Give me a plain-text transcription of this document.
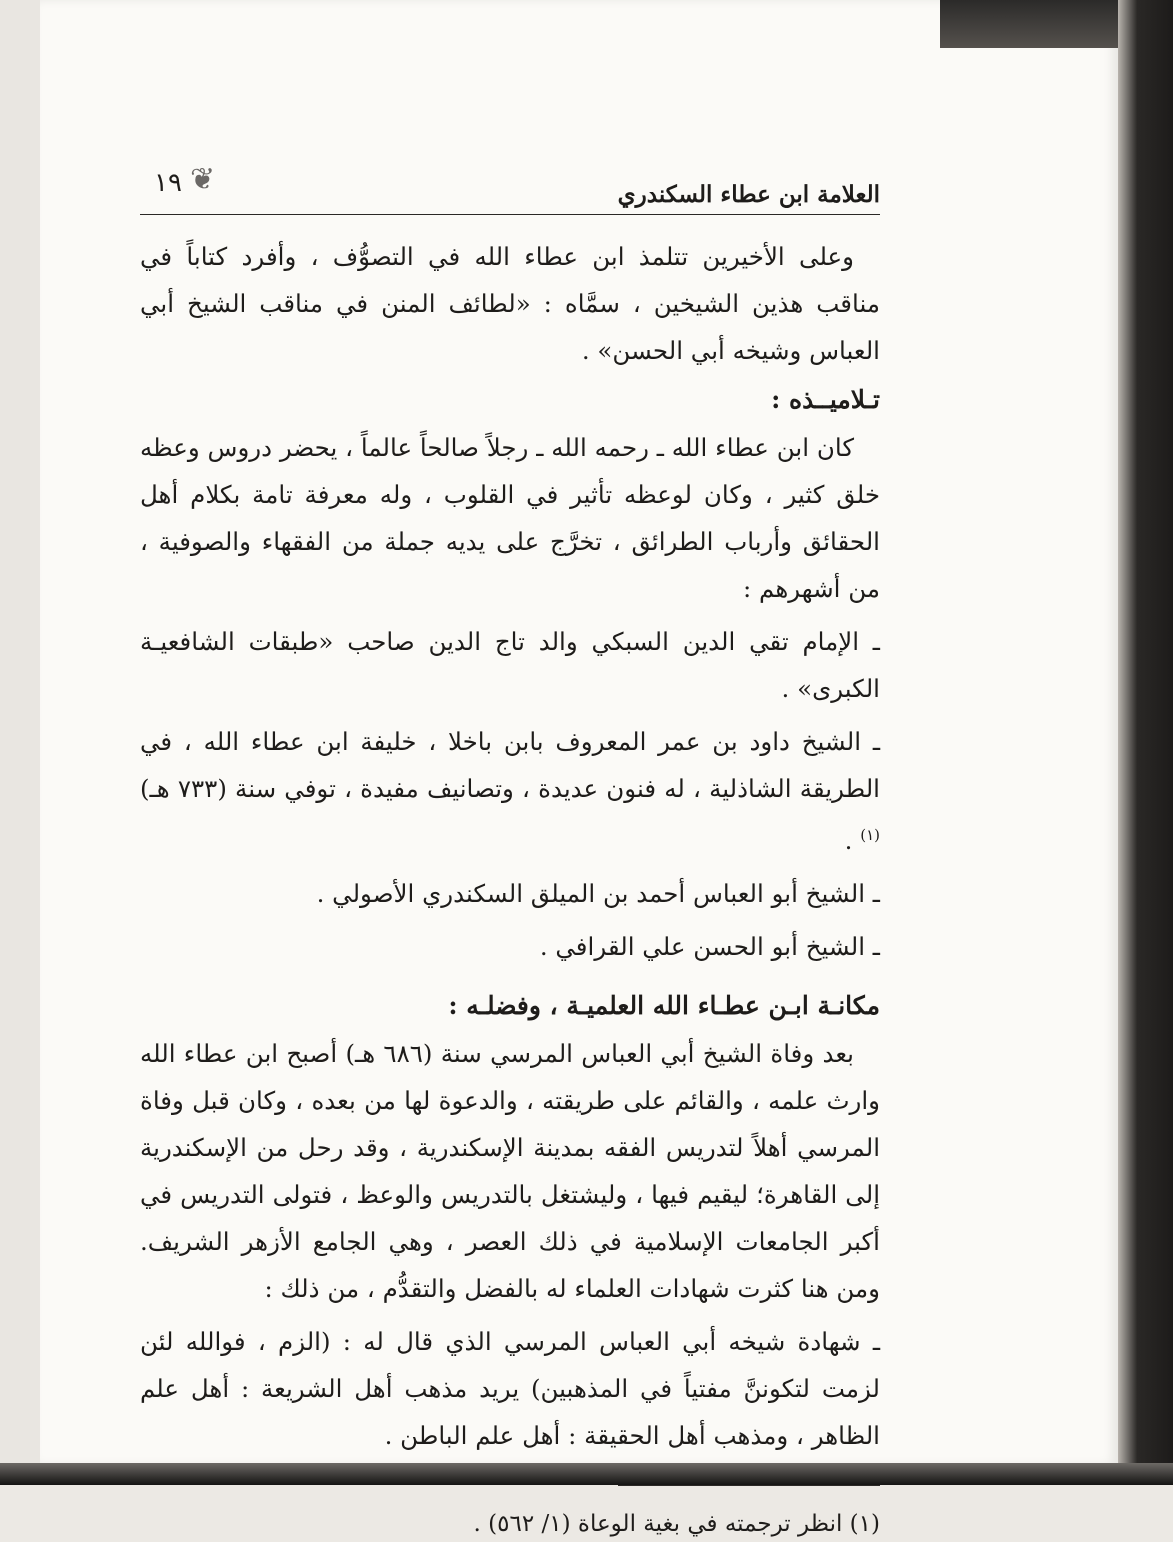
العلامة ابن عطاء السكندري
❦
١٩

وعلى الأخيرين تتلمذ ابن عطاء الله في التصوُّف ، وأفرد كتاباً في مناقب هذين الشيخين ، سمَّاه : «لطائف المنن في مناقب الشيخ أبي العباس وشيخه أبي الحسن» .

تـلاميــذه :

كان ابن عطاء الله ـ رحمه الله ـ رجلاً صالحاً عالماً ، يحضر دروس وعظه خلق كثير ، وكان لوعظه تأثير في القلوب ، وله معرفة تامة بكلام أهل الحقائق وأرباب الطرائق ، تخرَّج على يديه جملة من الفقهاء والصوفية ، من أشهرهم :

ـ الإمام تقي الدين السبكي والد تاج الدين صاحب «طبقات الشافعيـة الكبرى» .
ـ الشيخ داود بن عمر المعروف بابن باخلا ، خليفة ابن عطاء الله ، في الطريقة الشاذلية ، له فنون عديدة ، وتصانيف مفيدة ، توفي سنة (٧٣٣ هـ)$^{(١)}$ .
ـ الشيخ أبو العباس أحمد بن الميلق السكندري الأصولي .
ـ الشيخ أبو الحسن علي القرافي .
مكانـة ابـن عطـاء الله العلميـة ، وفضلـه :

بعد وفاة الشيخ أبي العباس المرسي سنة (٦٨٦ هـ) أصبح ابن عطاء الله وارث علمه ، والقائم على طريقته ، والدعوة لها من بعده ، وكان قبل وفاة المرسي أهلاً لتدريس الفقه بمدينة الإسكندرية ، وقد رحل من الإسكندرية إلى القاهرة؛ ليقيم فيها ، وليشتغل بالتدريس والوعظ ، فتولى التدريس في أكبر الجامعات الإسلامية في ذلك العصر ، وهي الجامع الأزهر الشريف. ومن هنا كثرت شهادات العلماء له بالفضل والتقدُّم ، من ذلك :

ـ شهادة شيخه أبي العباس المرسي الذي قال له : (الزم ، فوالله لئن لزمت لتكوننَّ مفتياً في المذهبين) يريد مذهب أهل الشريعة : أهل علم الظاهر ، ومذهب أهل الحقيقة : أهل علم الباطن .

(١) انظر ترجمته في بغية الوعاة (١/ ٥٦٢) .
